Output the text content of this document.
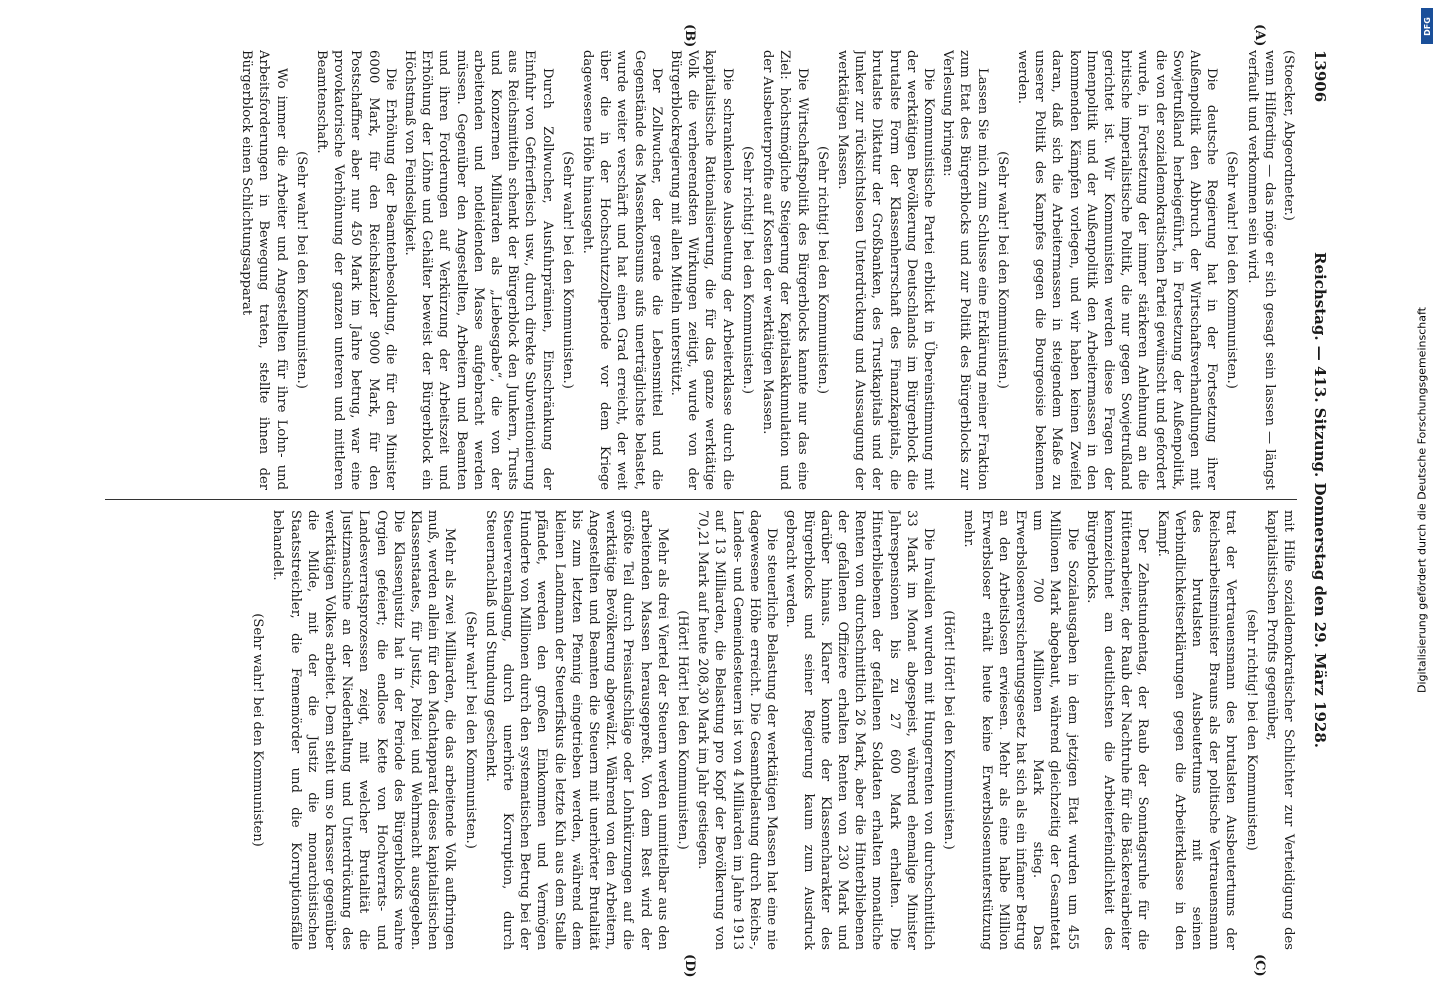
13906
Reichstag. — 413. Sitzung. Donnerstag den 29. März 1928.

(Stoecker, Abgeordneter.)

wenn Hilferding — das möge er sich gesagt sein lassen — längst verfault und verkommen sein wird.

(Sehr wahr! bei den Kommunisten.)

Die deutsche Regierung hat in der Fortsetzung ihrer Außenpolitik den Abbruch der Wirtschaftsverhandlungen mit Sowjetrußland herbeigeführt, in Fortsetzung der Außenpolitik, die von der sozialdemokratischen Partei gewünscht und gefordert wurde, in Fortsetzung der immer stärkeren Anlehnung an die britische imperialistische Politik, die nur gegen Sowjetrußland gerichtet ist. Wir Kommunisten werden diese Fragen der Innenpolitik und der Außenpolitik den Arbeitermassen in den kommenden Kämpfen vorlegen, und wir haben keinen Zweifel daran, daß sich die Arbeitermassen in steigendem Maße zu unserer Politik des Kampfes gegen die Bourgeoisie bekennen werden.

(Sehr wahr! bei den Kommunisten.)

Lassen Sie mich zum Schlusse eine Erklärung meiner Fraktion zum Etat des Bürgerblocks und zur Politik des Bürgerblocks zur Verlesung bringen:

Die Kommunistische Partei erblickt in Übereinstimmung mit der werktätigen Bevölkerung Deutschlands im Bürgerblock die brutalste Form der Klassenherrschaft des Finanzkapitals, die brutalste Diktatur der Großbanken, des Trustkapitals und der Junker zur rücksichtslosen Unterdrückung und Aussaugung der werktätigen Massen.

(Sehr richtig! bei den Kommunisten.)

Die Wirtschaftspolitik des Bürgerblocks kannte nur das eine Ziel: höchstmögliche Steigerung der Kapitalsakkumulation und der Ausbeuterprofite auf Kosten der werktätigen Massen.

(Sehr richtig! bei den Kommunisten.)

Die schrankenlose Ausbeutung der Arbeiterklasse durch die kapitalistische Rationalisierung, die für das ganze werktätige Volk die verheerendsten Wirkungen zeitigt, wurde von der Bürgerblockregierung mit allen Mitteln unterstützt.

Der Zollwucher, der gerade die Lebensmittel und die Gegenstände des Massenkonsums aufs unerträglichste belastet, wurde weiter verschärft und hat einen Grad erreicht, der weit über die in der Hochschutzzollperiode vor dem Kriege dagewesene Höhe hinausgeht.

(Sehr wahr! bei den Kommunisten.)

Durch Zollwucher, Ausfuhrprämien, Einschränkung der Einfuhr von Gefrierfleisch usw., durch direkte Subventionierung aus Reichsmitteln schenkt der Bürgerblock den Junkern, Trusts und Konzernen Milliarden als „Liebesgabe“, die von der arbeitenden und notleidenden Masse aufgebracht werden müssen. Gegenüber den Angestellten, Arbeitern und Beamten und ihren Forderungen auf Verkürzung der Arbeitszeit und Erhöhung der Löhne und Gehälter beweist der Bürgerblock ein Höchstmaß von Feindseligkeit.

Die Erhöhung der Beamtenbesoldung, die für den Minister 6000 Mark, für den Reichskanzler 9000 Mark, für den Postschaffner aber nur 450 Mark im Jahre betrug, war eine provokatorische Verhöhnung der ganzen unteren und mittleren Beamtenschaft.

(Sehr wahr! bei den Kommunisten.)

Wo immer die Arbeiter und Angestellten für ihre Lohn- und Arbeitsforderungen in Bewegung traten, stellte ihnen der Bürgerblock einen Schlichtungsapparat

mit Hilfe sozialdemokratischer Schlichter zur Verteidigung des kapitalistischen Profits gegenüber,

(sehr richtig! bei den Kommunisten)

trat der Vertrauensmann des brutalsten Ausbeutertums der Reichsarbeitsminister Brauns als der politische Vertrauensmann des brutalsten Ausbeutertums mit seinen Verbindlichkeitserklärungen gegen die Arbeiterklasse in den Kampf.

Der Zehnstundentag, der Raub der Sonntagsruhe für die Hüttenarbeiter, der Raub der Nachtruhe für die Bäckereiarbeiter kennzeichnet am deutlichsten die Arbeiterfeindlichkeit des Bürgerblocks.

Die Sozialausgaben in dem jetzigen Etat wurden um 455 Millionen Mark abgebaut, während gleichzeitig der Gesamtetat um 700 Millionen Mark stieg. Das Erwerbslosenversicherungsgesetz hat sich als ein infamer Betrug an den Arbeitslosen erwiesen. Mehr als eine halbe Million Erwerbsloser erhält heute keine Erwerbslosenunterstützung mehr.

(Hört! Hört! bei den Kommunisten.)

Die Invaliden wurden mit Hungerrenten von durchschnittlich 33 Mark im Monat abgespeist, während ehemalige Minister Jahrespensionen bis zu 27 600 Mark erhalten. Die Hinterbliebenen der gefallenen Soldaten erhalten monatliche Renten von durchschnittlich 26 Mark, aber die Hinterbliebenen der gefallenen Offiziere erhalten Renten von 230 Mark und darüber hinaus. Klarer konnte der Klassencharakter des Bürgerblocks und seiner Regierung kaum zum Ausdruck gebracht werden.

Die steuerliche Belastung der werktätigen Massen hat eine nie dagewesene Höhe erreicht. Die Gesamtbelastung durch Reichs-, Landes- und Gemeindesteuern ist von 4 Milliarden im Jahre 1913 auf 13 Milliarden, die Belastung pro Kopf der Bevölkerung von 70,21 Mark auf heute 208,30 Mark im Jahr gestiegen.

(Hört! Hört! bei den Kommunisten.)

Mehr als drei Viertel der Steuern werden unmittelbar aus den arbeitenden Massen herausgepreßt. Von dem Rest wird der größte Teil durch Preisaufschläge oder Lohnkürzungen auf die werktätige Bevölkerung abgewälzt. Während von den Arbeitern, Angestellten und Beamten die Steuern mit unerhörter Brutalität bis zum letzten Pfennig eingetrieben werden, während dem kleinen Landmann der Steuerfiskus die letzte Kuh aus dem Stalle pfändet, werden den großen Einkommen und Vermögen Hunderte von Millionen durch den systematischen Betrug bei der Steuerveranlagung, durch unerhörte Korruption, durch Steuernachlaß und Stundung geschenkt.

(Sehr wahr! bei den Kommunisten.)

Mehr als zwei Milliarden, die das arbeitende Volk aufbringen muß, werden allein für den Machtapparat dieses kapitalistischen Klassenstaates, für Justiz, Polizei und Wehrmacht ausgegeben. Die Klassenjustiz hat in der Periode des Bürgerblocks wahre Orgien gefeiert; die endlose Kette von Hochverrats- und Landesverratsprozessen zeigt, mit welcher Brutalität die Justizmaschine an der Niederhaltung und Unterdrückung des werktätigen Volkes arbeitet. Dem steht um so krasser gegenüber die Milde, mit der die Justiz die monarchistischen Staatsstreichler, die Fememörder und die Korruptionsfälle behandelt.

(Sehr wahr! bei den Kommunisten)

(A)
(B)
(C)
(D)
Digitalisierung gefördert durch die Deutsche Forschungsgemeinschaft
DFG
